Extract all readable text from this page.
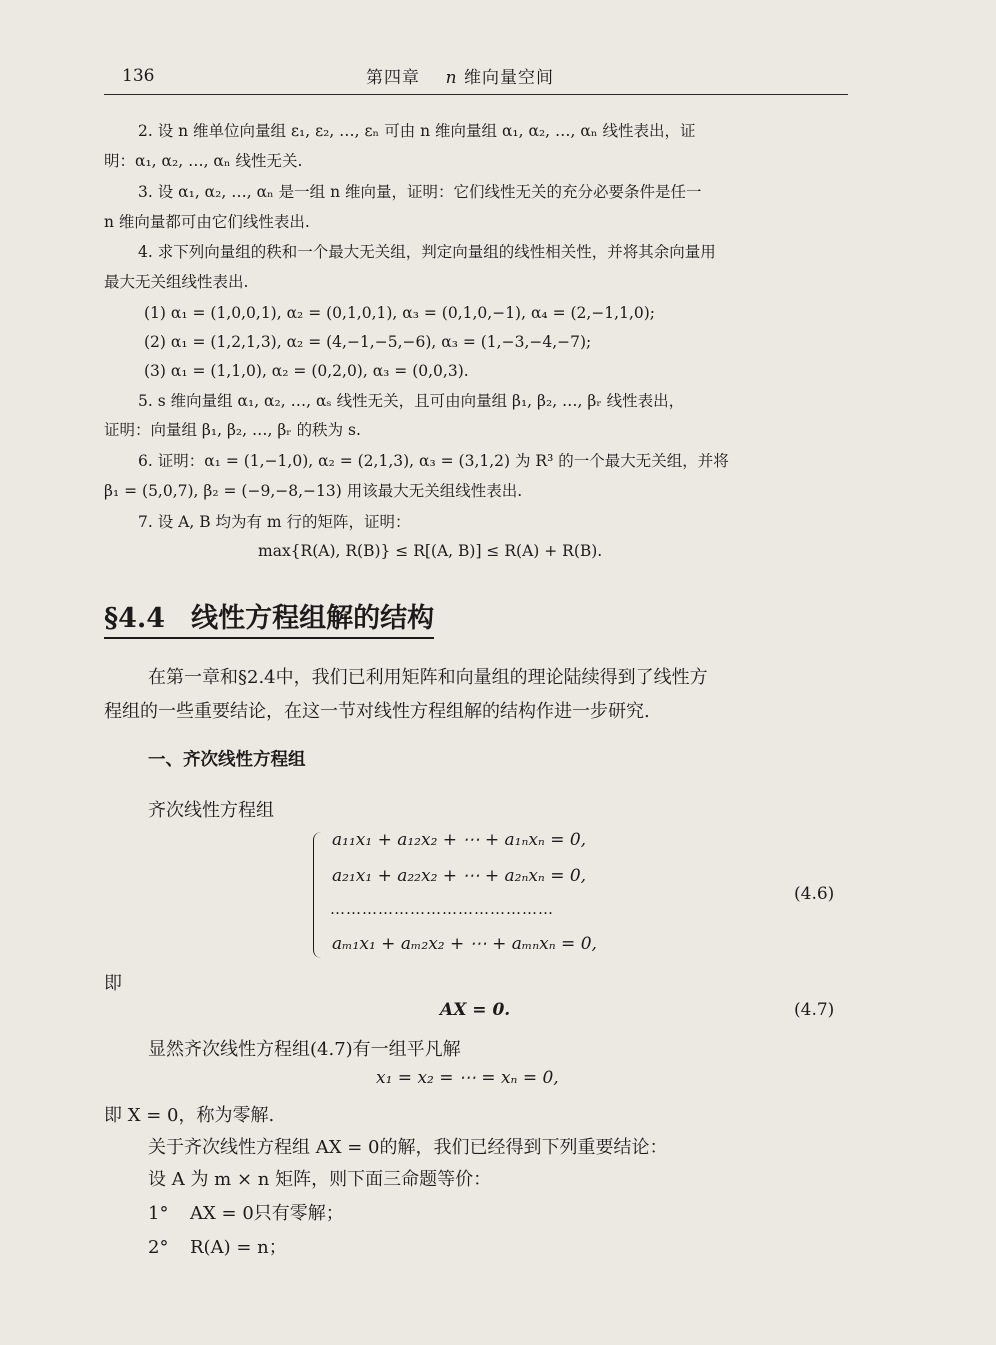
136	第四章 n 维向量空间
2. 设 n 维单位向量组 ε₁, ε₂, …, εₙ 可由 n 维向量组 α₁, α₂, …, αₙ 线性表出，证
明：α₁, α₂, …, αₙ 线性无关.
3. 设 α₁, α₂, …, αₙ 是一组 n 维向量，证明：它们线性无关的充分必要条件是任一
n 维向量都可由它们线性表出.
4. 求下列向量组的秩和一个最大无关组，判定向量组的线性相关性，并将其余向量用
最大无关组线性表出.
(1) α₁ = (1,0,0,1), α₂ = (0,1,0,1), α₃ = (0,1,0,−1), α₄ = (2,−1,1,0);
(2) α₁ = (1,2,1,3), α₂ = (4,−1,−5,−6), α₃ = (1,−3,−4,−7);
(3) α₁ = (1,1,0), α₂ = (0,2,0), α₃ = (0,0,3).
5. s 维向量组 α₁, α₂, …, αₛ 线性无关，且可由向量组 β₁, β₂, …, βᵣ 线性表出，
证明：向量组 β₁, β₂, …, βᵣ 的秩为 s.
6. 证明：α₁ = (1,−1,0), α₂ = (2,1,3), α₃ = (3,1,2) 为 R³ 的一个最大无关组，并将
β₁ = (5,0,7), β₂ = (−9,−8,−13) 用该最大无关组线性表出.
7. 设 A, B 均为有 m 行的矩阵，证明：
max{R(A), R(B)} ≤ R[(A, B)] ≤ R(A) + R(B).
§4.4 线性方程组解的结构
在第一章和§2.4中，我们已利用矩阵和向量组的理论陆续得到了线性方
程组的一些重要结论，在这一节对线性方程组解的结构作进一步研究.
一、齐次线性方程组
齐次线性方程组
a₁₁x₁ + a₁₂x₂ + ⋯ + a₁ₙxₙ = 0,
a₂₁x₁ + a₂₂x₂ + ⋯ + a₂ₙxₙ = 0,
……………………………………
aₘ₁x₁ + aₘ₂x₂ + ⋯ + aₘₙxₙ = 0,
(4.6)
即
AX = 0.	(4.7)
显然齐次线性方程组(4.7)有一组平凡解
x₁ = x₂ = ⋯ = xₙ = 0,
即 X = 0，称为零解.
关于齐次线性方程组 AX = 0的解，我们已经得到下列重要结论：
设 A 为 m × n 矩阵，则下面三命题等价：
1° AX = 0只有零解；
2° R(A) = n；
